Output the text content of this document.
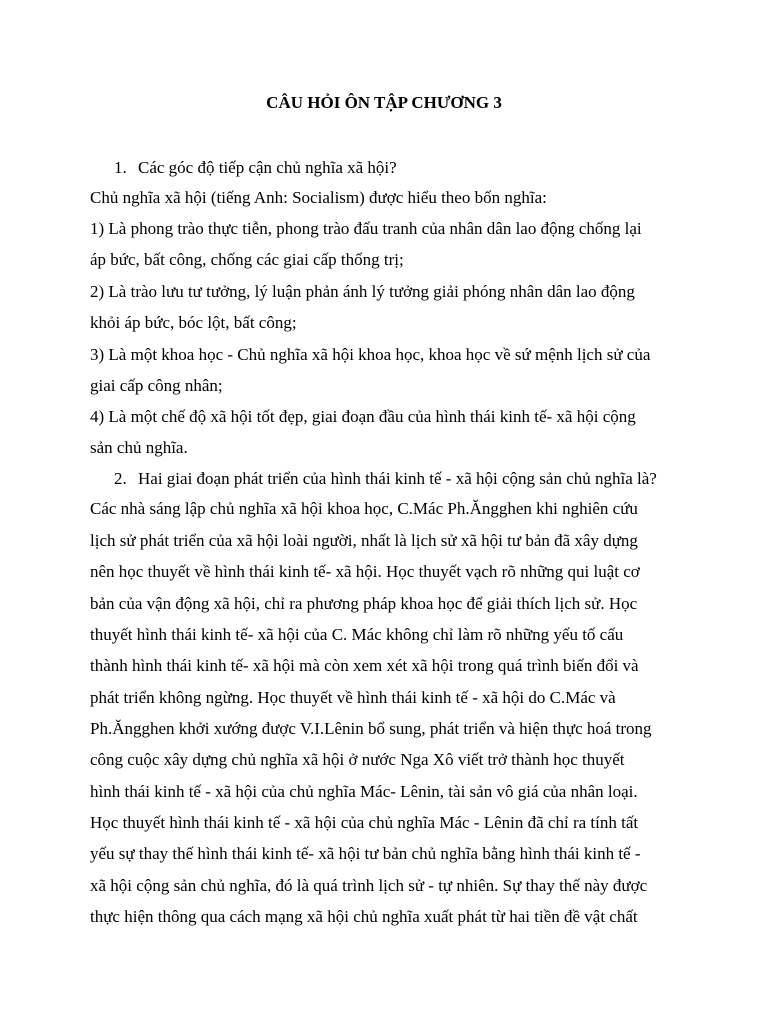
CÂU HỎI ÔN TẬP CHƯƠNG 3
1. Các góc độ tiếp cận chủ nghĩa xã hội?
Chủ nghĩa xã hội (tiếng Anh: Socialism) được hiểu theo bốn nghĩa:
1) Là phong trào thực tiễn, phong trào đấu tranh của nhân dân lao động chống lại
áp bức, bất công, chống các giai cấp thống trị;
2) Là trào lưu tư tưởng, lý luận phản ánh lý tưởng giải phóng nhân dân lao động
khỏi áp bức, bóc lột, bất công;
3) Là một khoa học - Chủ nghĩa xã hội khoa học, khoa học về sứ mệnh lịch sử của
giai cấp công nhân;
4) Là một chế độ xã hội tốt đẹp, giai đoạn đầu của hình thái kinh tế- xã hội cộng
sản chủ nghĩa.
2. Hai giai đoạn phát triển của hình thái kinh tế - xã hội cộng sản chủ nghĩa là?
Các nhà sáng lập chủ nghĩa xã hội khoa học, C.Mác Ph.Ăngghen khi nghiên cứu
lịch sử phát triển của xã hội loài người, nhất là lịch sử xã hội tư bản đã xây dựng
nên học thuyết về hình thái kinh tế- xã hội. Học thuyết vạch rõ những qui luật cơ
bản của vận động xã hội, chỉ ra phương pháp khoa học để giải thích lịch sử. Học
thuyết hình thái kinh tế- xã hội của C. Mác không chỉ làm rõ những yếu tố cấu
thành hình thái kinh tế- xã hội mà còn xem xét xã hội trong quá trình biến đổi và
phát triển không ngừng. Học thuyết về hình thái kinh tế - xã hội do C.Mác và
Ph.Ăngghen khởi xướng được V.I.Lênin bổ sung, phát triển và hiện thực hoá trong
công cuộc xây dựng chủ nghĩa xã hội ở nước Nga Xô viết trở thành học thuyết
hình thái kinh tế - xã hội của chủ nghĩa Mác- Lênin, tài sản vô giá của nhân loại.
Học thuyết hình thái kinh tế - xã hội của chủ nghĩa Mác - Lênin đã chỉ ra tính tất
yếu sự thay thế hình thái kinh tế- xã hội tư bản chủ nghĩa bằng hình thái kinh tế -
xã hội cộng sản chủ nghĩa, đó là quá trình lịch sử - tự nhiên. Sự thay thế này được
thực hiện thông qua cách mạng xã hội chủ nghĩa xuất phát từ hai tiền đề vật chất
